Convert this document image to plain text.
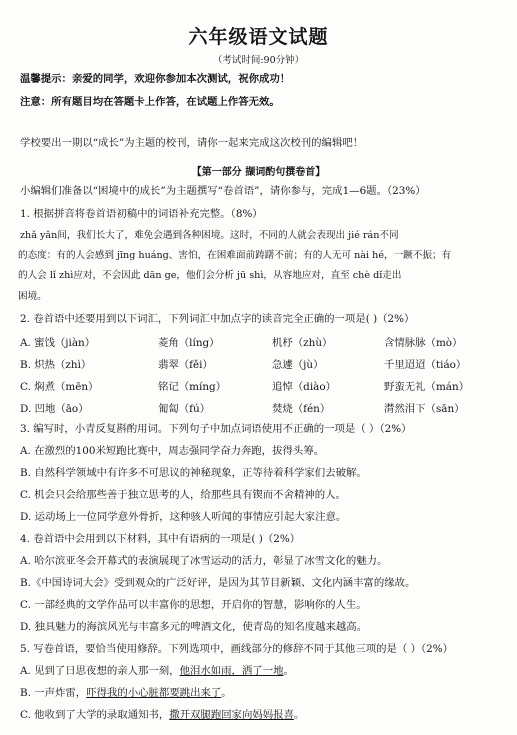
六年级语文试题
（考试时间:90分钟）
温馨提示：亲爱的同学，欢迎你参加本次测试，祝你成功！
注意：所有题目均在答题卡上作答，在试题上作答无效。
学校要出一期以“成长”为主题的校刊，请你一起来完成这次校刊的编辑吧！
【第一部分 撷词酌句撰卷首】
小编辑们准备以“困境中的成长”为主题撰写“卷首语”，请你参与，完成1—6题。（23%）
1. 根据拼音将卷首语初稿中的词语补充完整。（8%）
zhǎ yǎn间，我们长大了，难免会遇到各种困境。这时，不同的人就会表现出 jié rán不同
的态度：有的人会感到 jīng huáng、害怕，在困难面前踌躇不前；有的人无可 nài hé，一蹶不振；有
的人会 lǐ zhì应对，不会因此 dān ge，他们会分析 jū shì，从容地应对，直至 chè dǐ走出
困境。
2. 卷首语中还要用到以下词汇，下列词汇中加点字的读音完全正确的一项是( )（2%）
A. 蜜饯（jiàn）	菱角（líng）	机杼（zhù）	含情脉脉（mò）
B. 炽热（zhì）	翡翠（fěi）	急遽（jù）	千里迢迢（tiáo）
C. 焖煮（mēn）	铭记（míng）	追悼（diào）	野蛮无礼（mán）
D. 凹地（āo）	匍匐（fú）	焚烧（fén）	潸然泪下（sān）
3. 编写时，小青反复斟酌用词。下列句子中加点词语使用不正确的一项是（ ）（2%）
A. 在激烈的100米短跑比赛中，周志强同学奋力奔跑，拔得头筹。
B. 自然科学领域中有许多不可思议的神秘现象，正等待着科学家们去破解。
C. 机会只会给那些善于独立思考的人，给那些具有锲而不舍精神的人。
D. 运动场上一位同学意外骨折，这种骇人听闻的事情应引起大家注意。
4. 卷首语中会用到以下材料，其中有语病的一项是( )（2%）
A. 哈尔滨亚冬会开幕式的表演展现了冰雪运动的活力，彰显了冰雪文化的魅力。
B.《中国诗词大会》受到观众的广泛好评，是因为其节目新颖、文化内涵丰富的缘故。
C. 一部经典的文学作品可以丰富你的思想，开启你的智慧，影响你的人生。
D. 独具魅力的海滨风光与丰富多元的啤酒文化，使青岛的知名度越来越高。
5. 写卷首语，要恰当使用修辞。下列选项中，画线部分的修辞不同于其他三项的是（ ）（2%）
A. 见到了日思夜想的亲人那一刻，他泪水如雨，洒了一地。
B. 一声炸雷，吓得我的小心脏都要跳出来了。
C. 他收到了大学的录取通知书，撒开双腿跑回家向妈妈报喜。
